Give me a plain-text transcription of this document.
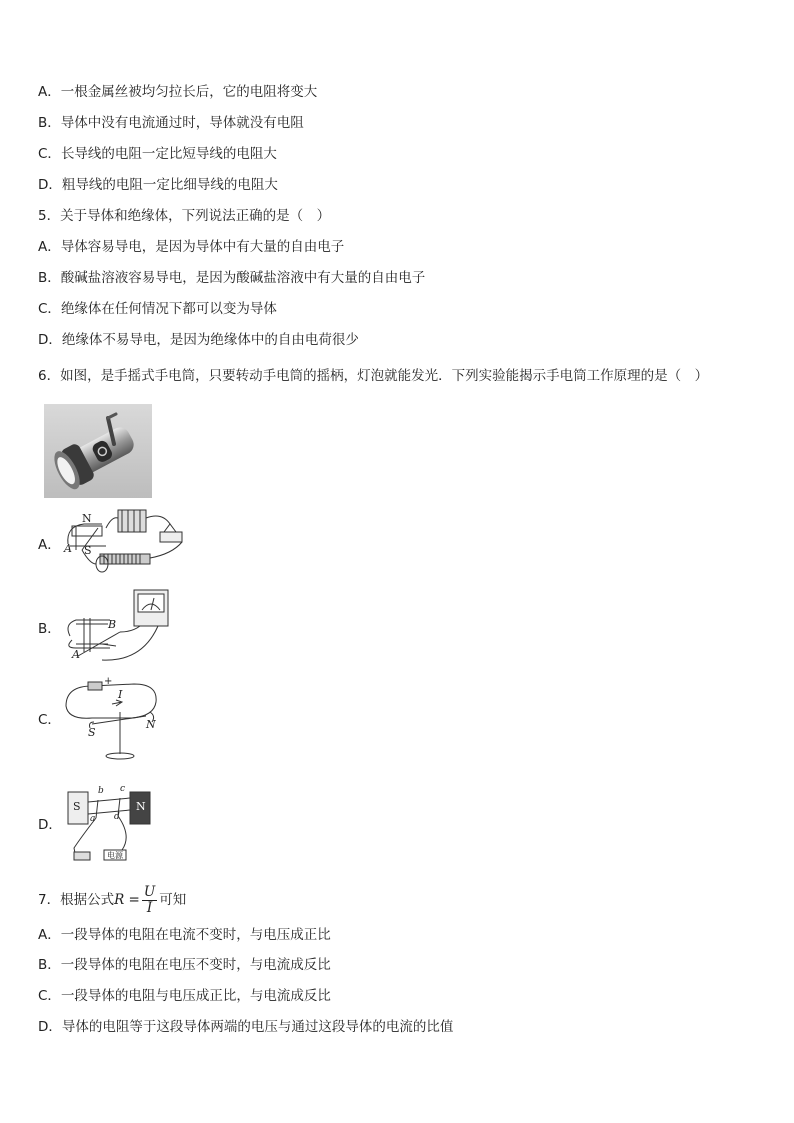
A．一根金属丝被均匀拉长后，它的电阻将变大
B．导体中没有电流通过时，导体就没有电阻
C．长导线的电阻一定比短导线的电阻大
D．粗导线的电阻一定比细导线的电阻大
5．关于导体和绝缘体，下列说法正确的是（　）
A．导体容易导电，是因为导体中有大量的自由电子
B．酸碱盐溶液容易导电，是因为酸碱盐溶液中有大量的自由电子
C．绝缘体在任何情况下都可以变为导体
D．绝缘体不易导电，是因为绝缘体中的自由电荷很少
6．如图，是手摇式手电筒，只要转动手电筒的摇柄，灯泡就能发光．下列实验能揭示手电筒工作原理的是（　）
A．
N
A S
B．	B
A
C．
+
I
S
N
D．
S	N
b c
a d
电源
7．根据公式$R = \frac{U}{I}$ 可知
A．一段导体的电阻在电流不变时，与电压成正比
B．一段导体的电阻在电压不变时，与电流成反比
C．一段导体的电阻与电压成正比，与电流成反比
D．导体的电阻等于这段导体两端的电压与通过这段导体的电流的比值
